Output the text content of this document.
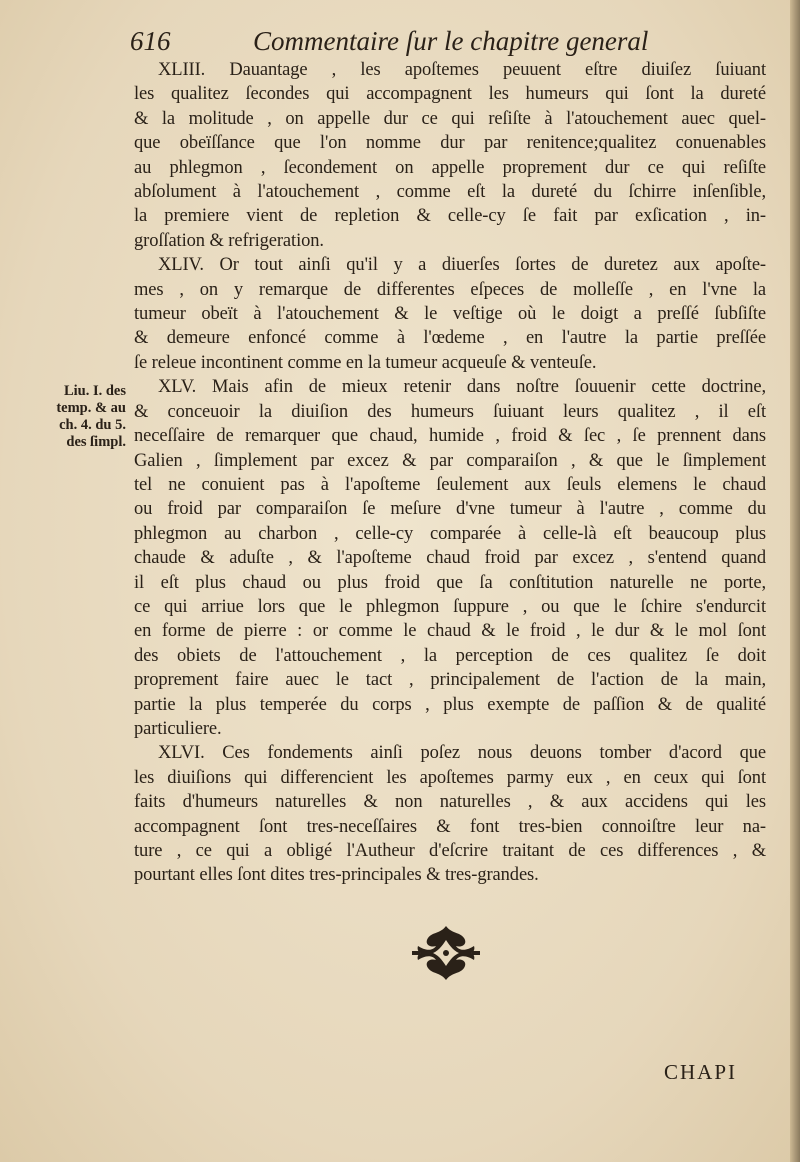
616	Commentaire ſur le chapitre general
Liu. I. des
temp. & au
ch. 4. du 5.
des ſimpl.
XLIII. Dauantage , les apoſtemes peuuent eſtre diuiſez ſuiuant
les qualitez ſecondes qui accompagnent les humeurs qui ſont la dureté
& la molitude , on appelle dur ce qui reſiſte à l'atouchement auec quel-
que obeïſſance que l'on nomme dur par renitence;qualitez conuenables
au phlegmon , ſecondement on appelle proprement dur ce qui reſiſte
abſolument à l'atouchement , comme eſt la dureté du ſchirre inſenſible,
la premiere vient de repletion & celle-cy ſe fait par exſication , in-
groſſation & refrigeration.
XLIV. Or tout ainſi qu'il y a diuerſes ſortes de duretez aux apoſte-
mes , on y remarque de differentes eſpeces de molleſſe , en l'vne la
tumeur obeït à l'atouchement & le veſtige où le doigt a preſſé ſubſiſte
& demeure enfoncé comme à l'œdeme , en l'autre la partie preſſée
ſe releue incontinent comme en la tumeur acqueuſe & venteuſe.
XLV. Mais afin de mieux retenir dans noſtre ſouuenir cette doctrine,
& conceuoir la diuiſion des humeurs ſuiuant leurs qualitez , il eſt
neceſſaire de remarquer que chaud, humide , froid & ſec , ſe prennent dans
Galien , ſimplement par excez & par comparaiſon , & que le ſimplement
tel ne conuient pas à l'apoſteme ſeulement aux ſeuls elemens le chaud
ou froid par comparaiſon ſe meſure d'vne tumeur à l'autre , comme du
phlegmon au charbon , celle-cy comparée à celle-là eſt beaucoup plus
chaude & aduſte , & l'apoſteme chaud froid par excez , s'entend quand
il eſt plus chaud ou plus froid que ſa conſtitution naturelle ne porte,
ce qui arriue lors que le phlegmon ſuppure , ou que le ſchire s'endurcit
en forme de pierre : or comme le chaud & le froid , le dur & le mol ſont
des obiets de l'attouchement , la perception de ces qualitez ſe doit
proprement faire auec le tact , principalement de l'action de la main,
partie la plus temperée du corps , plus exempte de paſſion & de qualité
particuliere.
XLVI. Ces fondements ainſi poſez nous deuons tomber d'acord que
les diuiſions qui differencient les apoſtemes parmy eux , en ceux qui ſont
faits d'humeurs naturelles & non naturelles , & aux accidens qui les
accompagnent ſont tres-neceſſaires & font tres-bien connoiſtre leur na-
ture , ce qui a obligé l'Autheur d'eſcrire traitant de ces differences , &
pourtant elles ſont dites tres-principales & tres-grandes.
CHAPI
